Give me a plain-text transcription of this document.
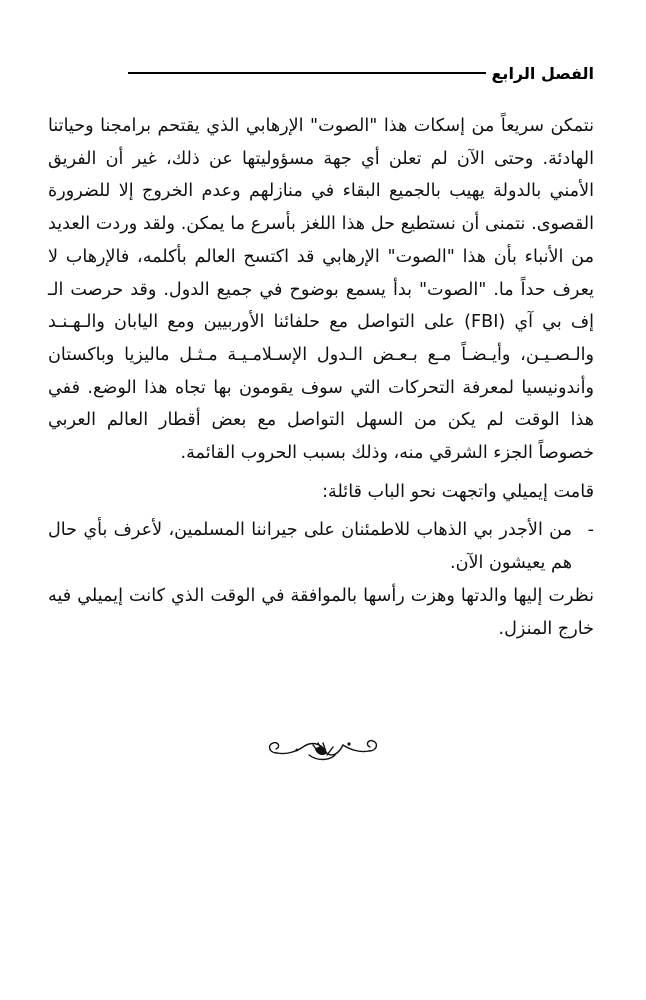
الفصل الرابع

نتمكن سريعاً من إسكات هذا "الصوت" الإرهابي الذي يقتحم برامجنا وحياتنا الهادئة. وحتى الآن لم تعلن أي جهة مسؤوليتها عن ذلك، غير أن الفريق الأمني بالدولة يهيب بالجميع البقاء في منازلهم وعدم الخروج إلا للضرورة القصوى. نتمنى أن نستطيع حل هذا اللغز بأسرع ما يمكن. ولقد وردت العديد من الأنباء بأن هذا "الصوت" الإرهابي قد اكتسح العالم بأكلمه، فالإرهاب لا يعرف حداً ما. "الصوت" بدأ يسمع بوضوح في جميع الدول. وقد حرصت الـ إف بي آي (FBI) على التواصل مع حلفائنا الأوربيين ومع اليابان والـهـنـد والـصـيـن، وأيـضـاً مـع بـعـض الـدول الإسـلامـيـة مـثـل ماليزيا وباكستان وأندونيسيا لمعرفة التحركات التي سوف يقومون بها تجاه هذا الوضع. ففي هذا الوقت لم يكن من السهل التواصل مع بعض أقطار العالم العربي خصوصاً الجزء الشرقي منه، وذلك بسبب الحروب القائمة.

قامت إيميلي واتجهت نحو الباب قائلة:

-
من الأجدر بي الذهاب للاطمئنان على جيراننا المسلمين، لأعرف بأي حال هم يعيشون الآن.

نظرت إليها والدتها وهزت رأسها بالموافقة في الوقت الذي كانت إيميلي فيه خارج المنزل.
